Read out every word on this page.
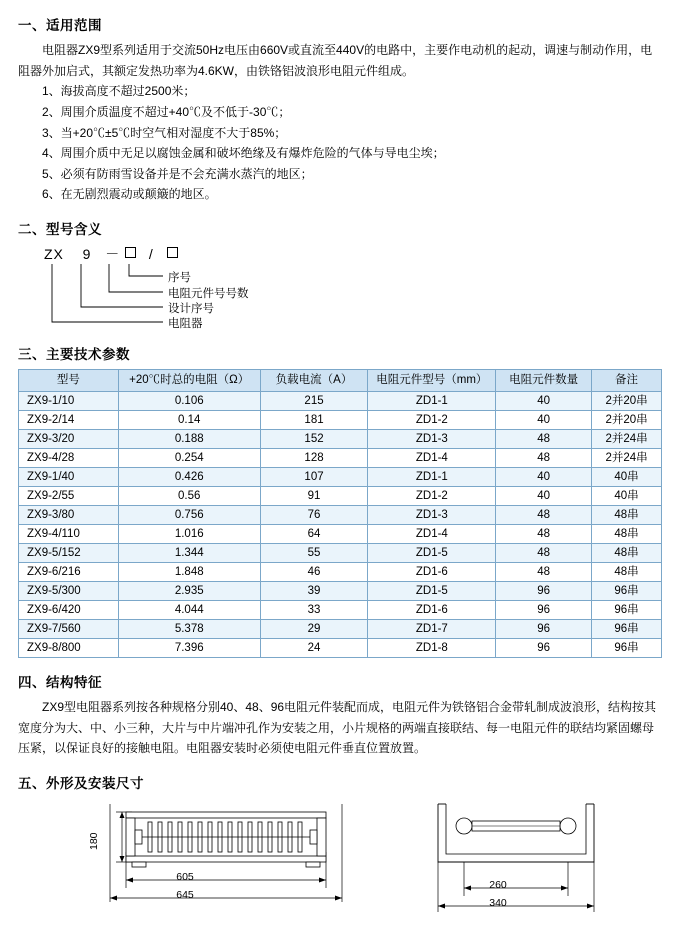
一、适用范围

电阻器ZX9型系列适用于交流50Hz电压由660V或直流至440V的电路中，主要作电动机的起动，调速与制动作用，电阻器外加启式，其额定发热功率为4.6KW，由铁铬铝波浪形电阻元件组成。

1、海拔高度不超过2500米；
2、周围介质温度不超过+40℃及不低于-30℃；
3、当+20℃±5℃时空气相对湿度不大于85%；
4、周围介质中无足以腐蚀金属和破坏绝缘及有爆炸危险的气体与导电尘埃；
5、必须有防雨雪设备并是不会充满水蒸汽的地区；
6、在无剧烈震动或颠簸的地区。
二、型号含义
ZX 9 － /
序号
电阻元件号号数
设计序号
电阻器
三、主要技术参数
型号	+20℃时总的电阻（Ω）	负载电流（A）	电阻元件型号（mm）	电阻元件数量	备注
ZX9-1/10	0.106	215	ZD1-1	40	2并20串
ZX9-2/14	0.14	181	ZD1-2	40	2并20串
ZX9-3/20	0.188	152	ZD1-3	48	2并24串
ZX9-4/28	0.254	128	ZD1-4	48	2并24串
ZX9-1/40	0.426	107	ZD1-1	40	40串
ZX9-2/55	0.56	91	ZD1-2	40	40串
ZX9-3/80	0.756	76	ZD1-3	48	48串
ZX9-4/110	1.016	64	ZD1-4	48	48串
ZX9-5/152	1.344	55	ZD1-5	48	48串
ZX9-6/216	1.848	46	ZD1-6	48	48串
ZX9-5/300	2.935	39	ZD1-5	96	96串
ZX9-6/420	4.044	33	ZD1-6	96	96串
ZX9-7/560	5.378	29	ZD1-7	96	96串
ZX9-8/800	7.396	24	ZD1-8	96	96串
四、结构特征

ZX9型电阻器系列按各种规格分别40、48、96电阻元件装配而成，电阻元件为铁铬铝合金带轧制成波浪形，结构按其宽度分为大、中、小三种，大片与中片端冲孔作为安装之用，小片规格的两端直接联结、每一电阻元件的联结均紧固螺母压紧，以保证良好的接触电阻。电阻器安装时必须使电阻元件垂直位置放置。

五、外形及安装尺寸
180
605
645
260
340
